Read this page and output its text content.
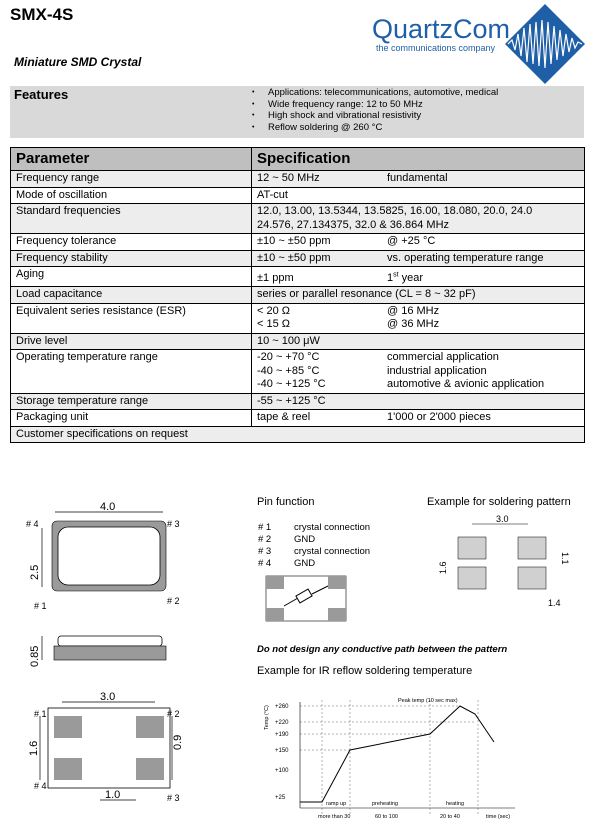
SMX-4S
Miniature SMD Crystal
QuartzCom
the communications company
Features	• Applications: telecommunications, automotive, medical
• Wide frequency range: 12 to 50 MHz
• High shock and vibrational resistivity
• Reflow soldering @ 260 °C
Parameter	Specification
Frequency range	12 ~ 50 MHz fundamental

Mode of oscillation	AT-cut

Standard frequencies	12.0, 13.00, 13.5344, 13.5825, 16.00, 18.080, 20.0, 24.0
24.576, 27.134375, 32.0 & 36.864 MHz

Frequency tolerance	±10 ~ ±50 ppm @ +25 °C

Frequency stability	±10 ~ ±50 ppm vs. operating temperature range

Aging	±1 ppm 1st year

Load capacitance	series or parallel resonance (CL = 8 ~ 32 pF)

Equivalent series resistance (ESR)	< 20 Ω @ 16 MHz
< 15 Ω @ 36 MHz

Drive level	10 ~ 100 μW

Operating temperature range	-20 ~ +70 °C commercial application
-40 ~ +85 °C industrial application
-40 ~ +125 °C automotive & avionic application

Storage temperature range	-55 ~ +125 °C

Packaging unit	tape & reel 1'000 or 2'000 pieces

Customer specifications on request	
4.0
2.5
# 4	# 3
# 1	# 2
0.85
3.0
# 1	# 2
# 4
# 3
1.6	0.9
1.0
Pin function
# 1 crystal connection
# 2 GND
# 3 crystal connection
# 4 GND
Example for soldering pattern
3.0
1.6
1.1
1.4
Do not design any conductive path between the pattern
Example for IR reflow soldering temperature
Temp (°C) +260
+220
+190
+150
+100
+25
Peak temp (10 sec max)
ramp up	preheating	heating
more than 30	60 to 100	20 to 40	time (sec)
